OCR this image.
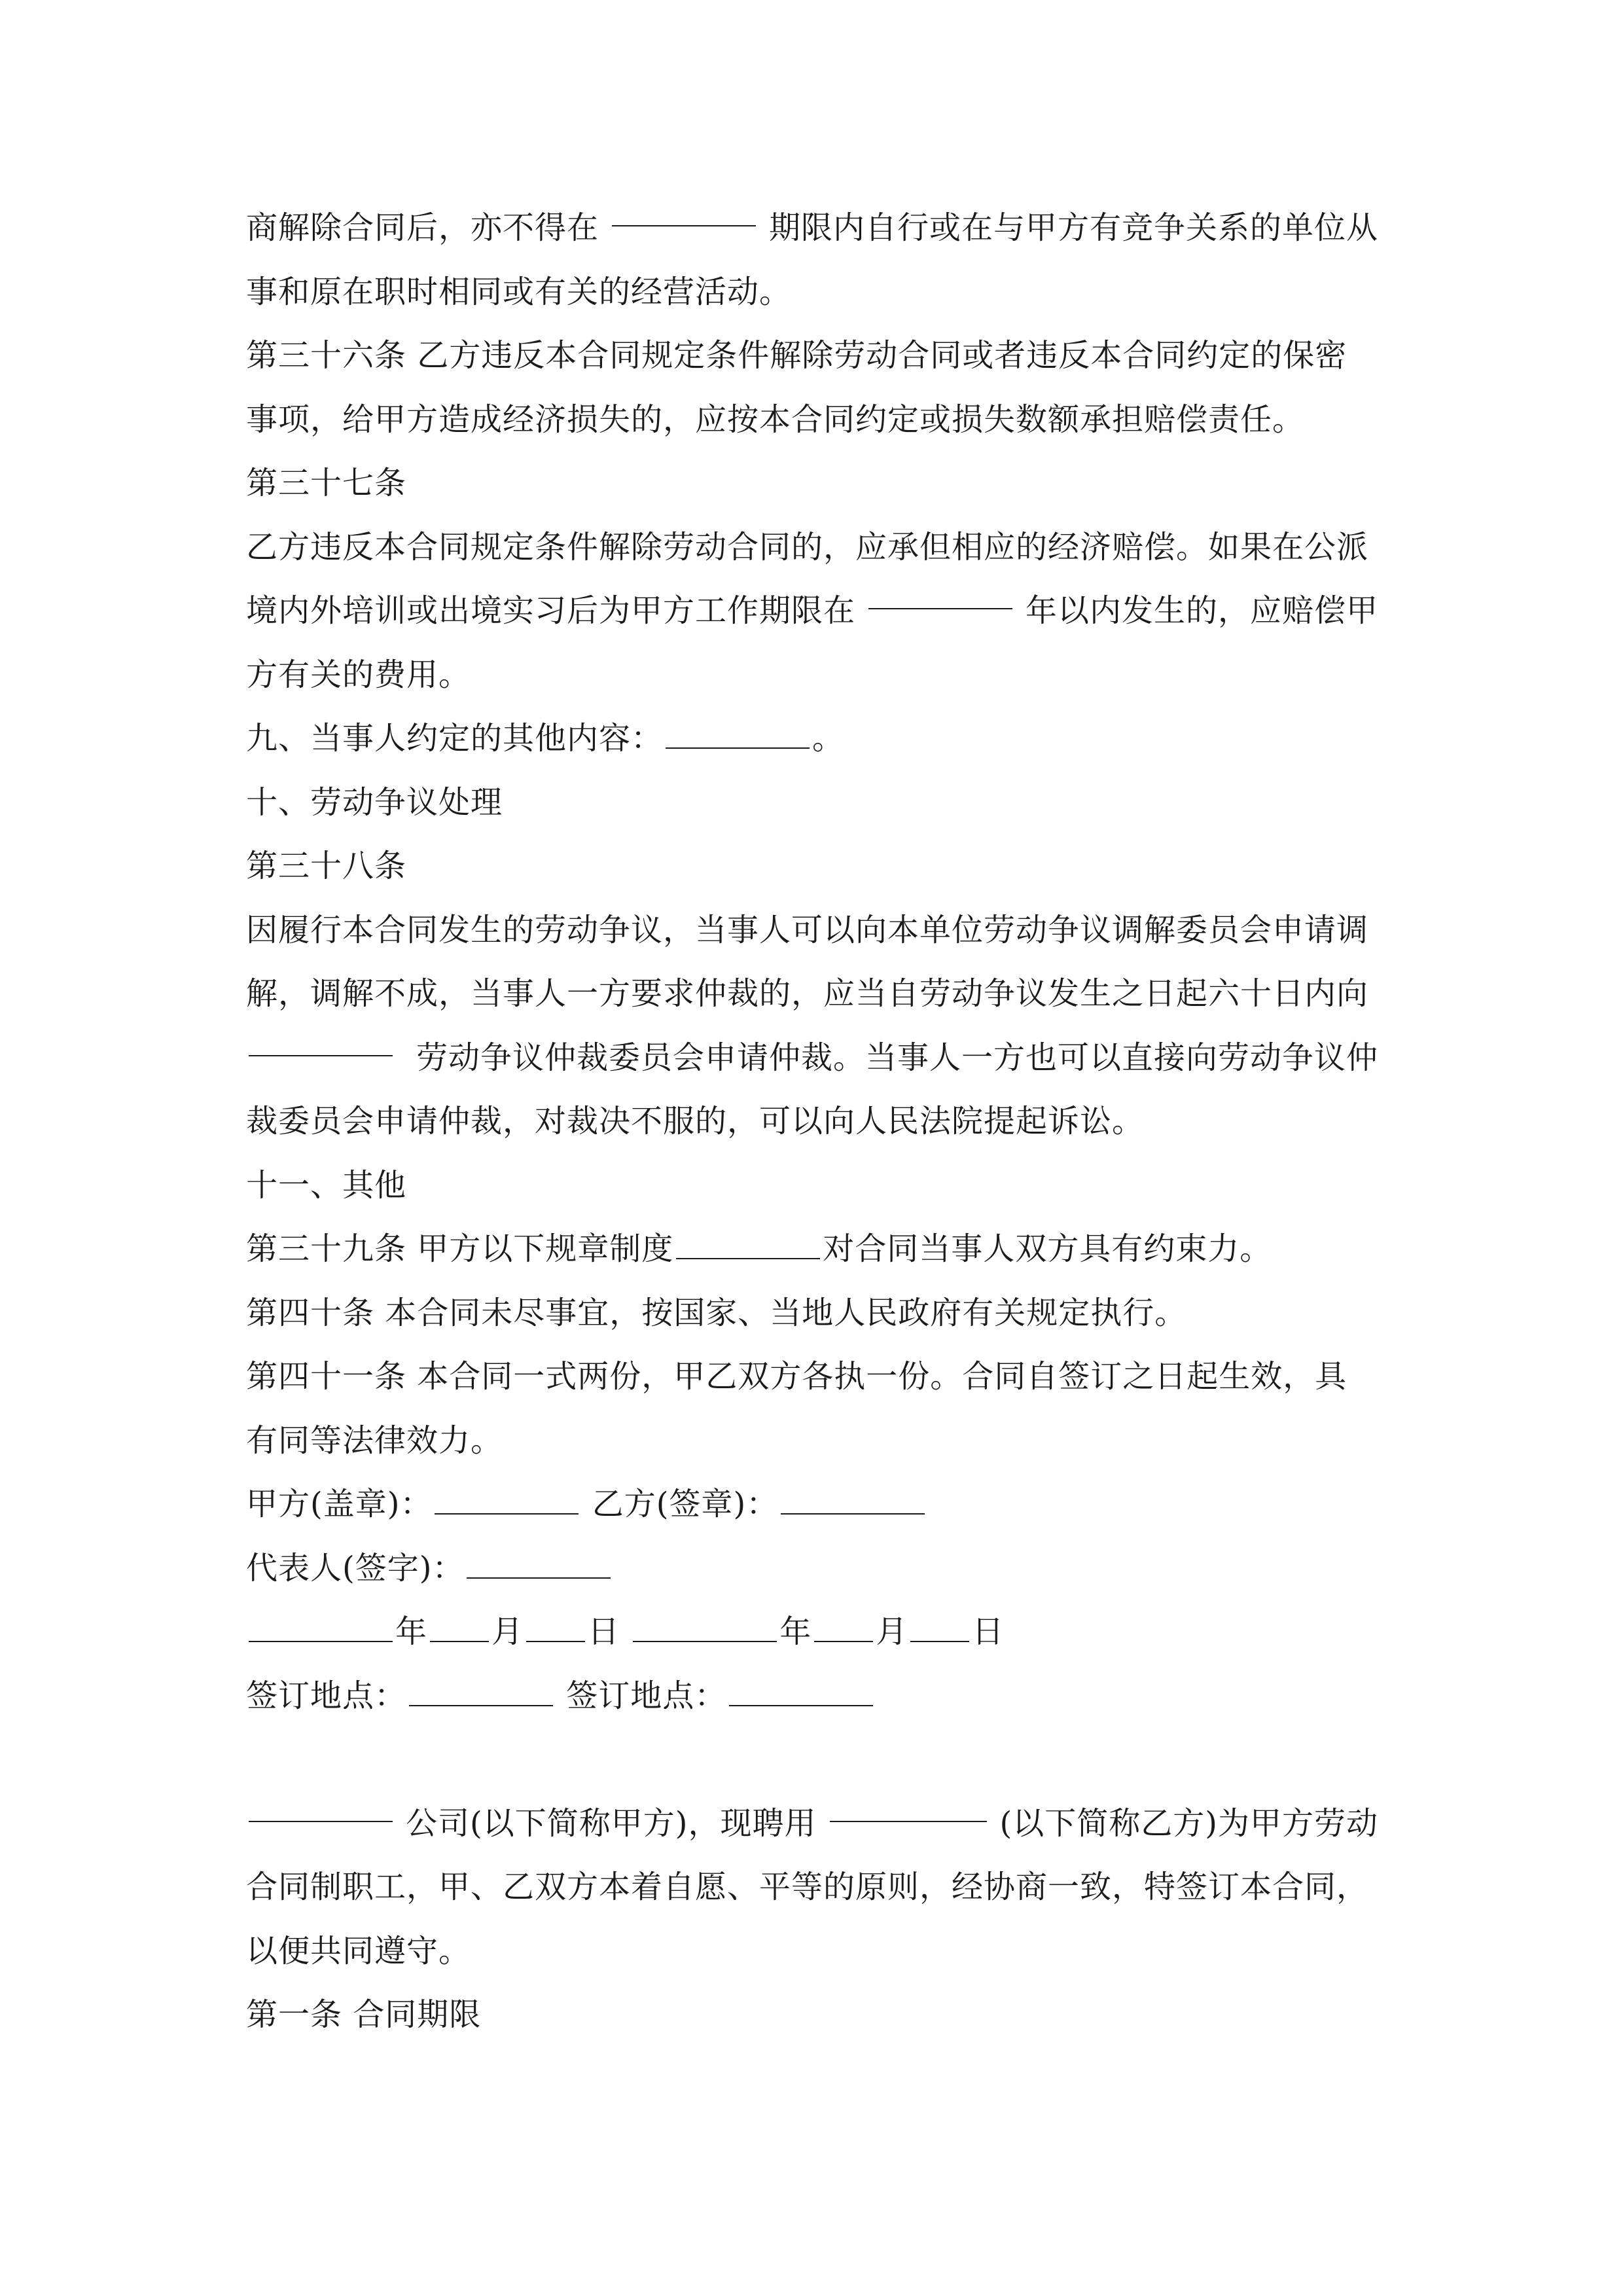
商解除合同后，亦不得在	期限内自行或在与甲方有竞争关系的单位从
事和原在职时相同或有关的经营活动。
第三十六条 乙方违反本合同规定条件解除劳动合同或者违反本合同约定的保密
事项，给甲方造成经济损失的，应按本合同约定或损失数额承担赔偿责任。
第三十七条
乙方违反本合同规定条件解除劳动合同的，应承但相应的经济赔偿。如果在公派
境内外培训或出境实习后为甲方工作期限在	年以内发生的，应赔偿甲
方有关的费用。
九、当事人约定的其他内容：	。
十、劳动争议处理
第三十八条
因履行本合同发生的劳动争议，当事人可以向本单位劳动争议调解委员会申请调
解，调解不成，当事人一方要求仲裁的，应当自劳动争议发生之日起六十日内向
劳动争议仲裁委员会申请仲裁。当事人一方也可以直接向劳动争议仲
裁委员会申请仲裁，对裁决不服的，可以向人民法院提起诉讼。
十一、其他
第三十九条 甲方以下规章制度	对合同当事人双方具有约束力。
第四十条 本合同未尽事宜，按国家、当地人民政府有关规定执行。
第四十一条 本合同一式两份，甲乙双方各执一份。合同自签订之日起生效，具
有同等法律效力。
甲方(盖章)：	乙方(签章)：
代表人(签字)：
年 月 日	年 月 日
签订地点：	签订地点：
公司(以下简称甲方)，现聘用	(以下简称乙方)为甲方劳动
合同制职工，甲、乙双方本着自愿、平等的原则，经协商一致，特签订本合同，
以便共同遵守。
第一条 合同期限
